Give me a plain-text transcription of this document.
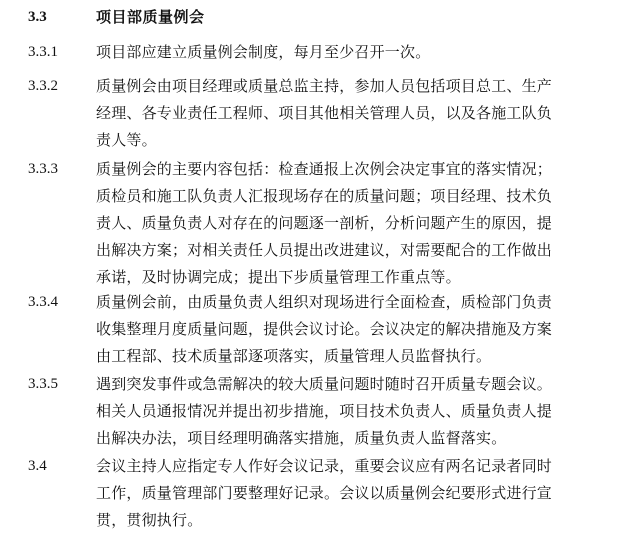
3.3	项目部质量例会
3.3.1	项目部应建立质量例会制度，每月至少召开一次。
3.3.2	质量例会由项目经理或质量总监主持，参加人员包括项目总工、生产
经理、各专业责任工程师、项目其他相关管理人员，以及各施工队负
责人等。
3.3.3	质量例会的主要内容包括：检查通报上次例会决定事宜的落实情况；
质检员和施工队负责人汇报现场存在的质量问题；项目经理、技术负
责人、质量负责人对存在的问题逐一剖析，分析问题产生的原因，提
出解决方案；对相关责任人员提出改进建议，对需要配合的工作做出
承诺，及时协调完成；提出下步质量管理工作重点等。
3.3.4	质量例会前，由质量负责人组织对现场进行全面检查，质检部门负责
收集整理月度质量问题，提供会议讨论。会议决定的解决措施及方案
由工程部、技术质量部逐项落实，质量管理人员监督执行。
3.3.5	遇到突发事件或急需解决的较大质量问题时随时召开质量专题会议。
相关人员通报情况并提出初步措施，项目技术负责人、质量负责人提
出解决办法，项目经理明确落实措施，质量负责人监督落实。
3.4	会议主持人应指定专人作好会议记录，重要会议应有两名记录者同时
工作，质量管理部门要整理好记录。会议以质量例会纪要形式进行宣
贯，贯彻执行。
